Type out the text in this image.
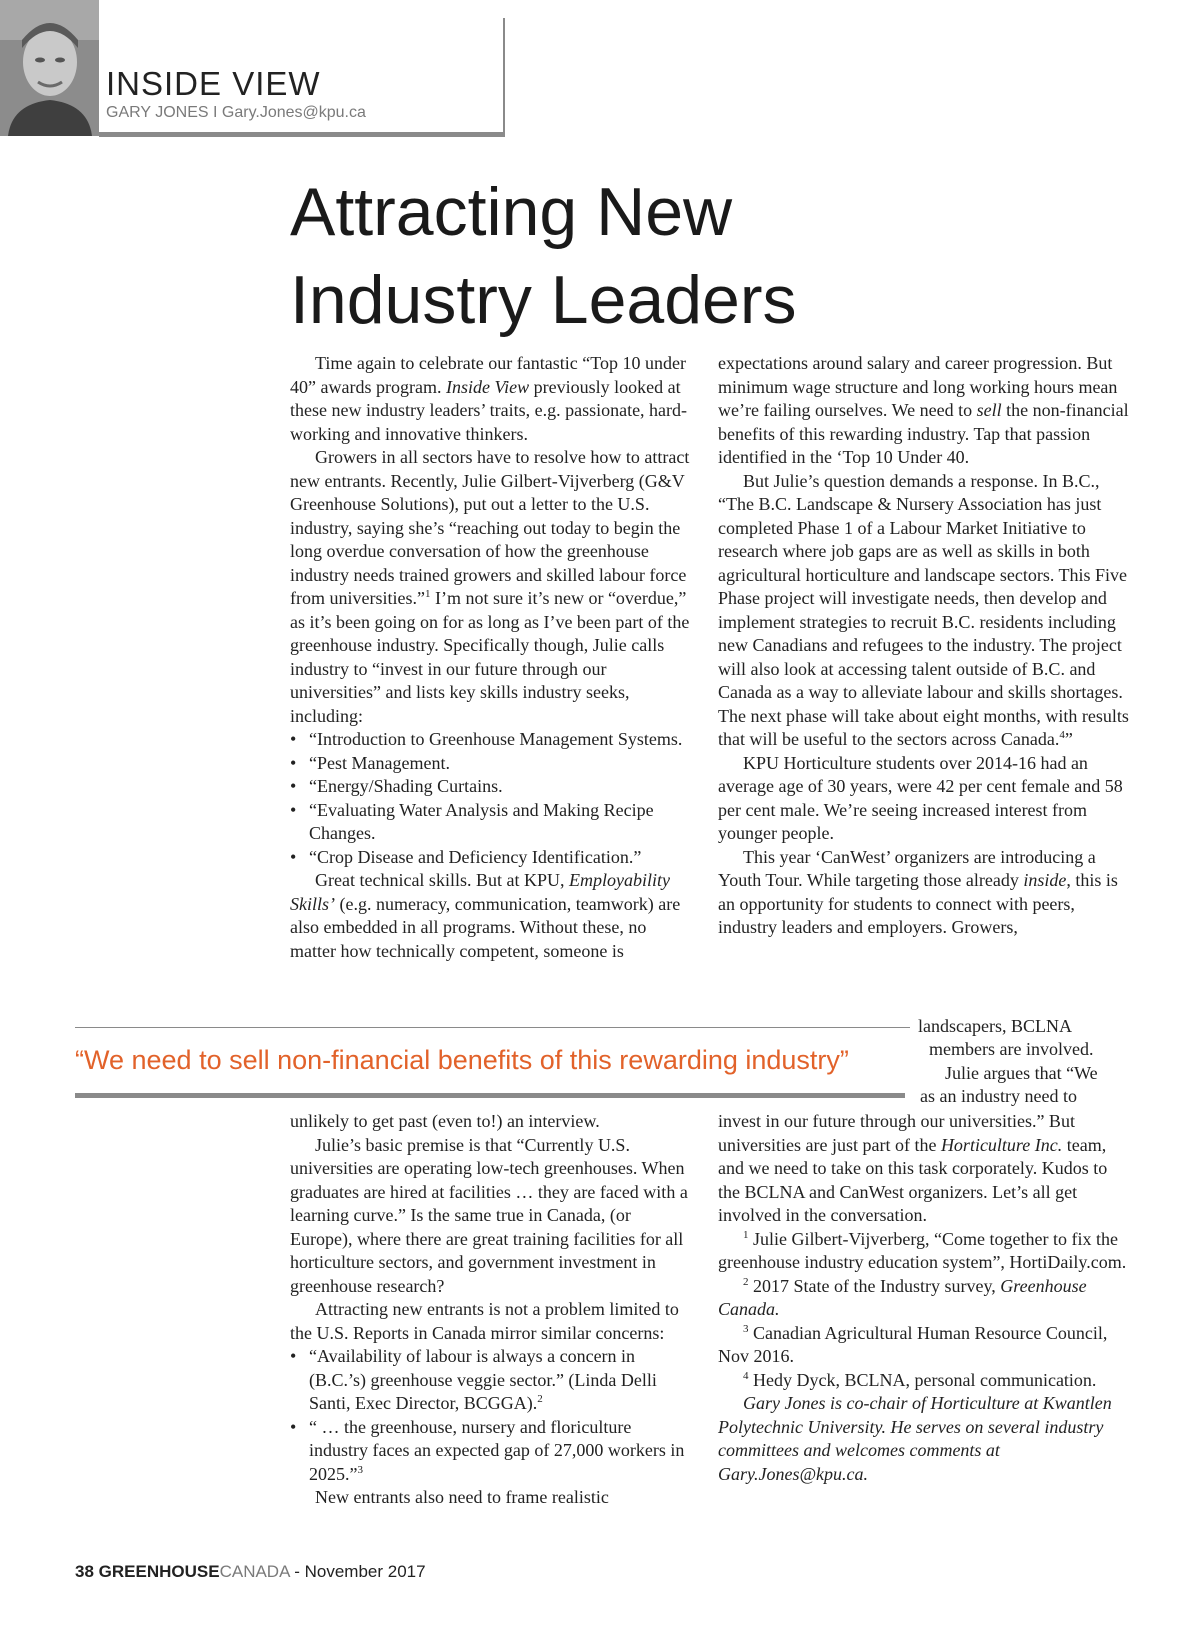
INSIDE VIEW
GARY JONES I Gary.Jones@kpu.ca
Attracting New
Industry Leaders

Time again to celebrate our fantastic “Top 10 under 40” awards program. Inside View previously looked at these new industry leaders’ traits, e.g. passionate, hard-working and innovative thinkers.

Growers in all sectors have to resolve how to attract new entrants. Recently, Julie Gilbert-Vijverberg (G&V Greenhouse Solutions), put out a letter to the U.S. industry, saying she’s “reaching out today to begin the long overdue conversation of how the greenhouse industry needs trained growers and skilled labour force from universities.”$^1$ I’m not sure it’s new or “overdue,” as it’s been going on for as long as I’ve been part of the greenhouse industry. Specifically though, Julie calls industry to “invest in our future through our universities” and lists key skills industry seeks, including:

• “Introduction to Greenhouse Management Systems.
• “Pest Management.
• “Energy/Shading Curtains.
• “Evaluating Water Analysis and Making Recipe Changes.
• “Crop Disease and Deficiency Identification.”

Great technical skills. But at KPU, Employability Skills’ (e.g. numeracy, communication, teamwork) are also embedded in all programs. Without these, no matter how technically competent, someone is

expectations around salary and career progression. But minimum wage structure and long working hours mean we’re failing ourselves. We need to sell the non-financial benefits of this rewarding industry. Tap that passion identified in the ‘Top 10 Under 40.

But Julie’s question demands a response. In B.C., “The B.C. Landscape & Nursery Association has just completed Phase 1 of a Labour Market Initiative to research where job gaps are as well as skills in both agricultural horticulture and landscape sectors. This Five Phase project will investigate needs, then develop and implement strategies to recruit B.C. residents including new Canadians and refugees to the industry. The project will also look at accessing talent outside of B.C. and Canada as a way to alleviate labour and skills shortages. The next phase will take about eight months, with results that will be useful to the sectors across Canada.$^4$”

KPU Horticulture students over 2014-16 had an average age of 30 years, were 42 per cent female and 58 per cent male. We’re seeing increased interest from younger people.

This year ‘CanWest’ organizers are introducing a Youth Tour. While targeting those already inside, this is an opportunity for students to connect with peers, industry leaders and employers. Growers,

landscapers, BCLNA
members are involved.
Julie argues that “We
as an industry need to

“We need to sell non-financial benefits of this rewarding industry”

unlikely to get past (even to!) an interview.

Julie’s basic premise is that “Currently U.S. universities are operating low-tech greenhouses. When graduates are hired at facilities … they are faced with a learning curve.” Is the same true in Canada, (or Europe), where there are great training facilities for all horticulture sectors, and government investment in greenhouse research?

Attracting new entrants is not a problem limited to the U.S. Reports in Canada mirror similar concerns:

• “Availability of labour is always a concern in (B.C.’s) greenhouse veggie sector.” (Linda Delli Santi, Exec Director, BCGGA).$^2$
• “ … the greenhouse, nursery and floriculture industry faces an expected gap of 27,000 workers in 2025.”$^3$

New entrants also need to frame realistic

invest in our future through our universities.” But universities are just part of the Horticulture Inc. team, and we need to take on this task corporately. Kudos to the BCLNA and CanWest organizers. Let’s all get involved in the conversation.

$^1$ Julie Gilbert-Vijverberg, “Come together to fix the greenhouse industry education system”, HortiDaily.com.

$^2$ 2017 State of the Industry survey, Greenhouse Canada.

$^3$ Canadian Agricultural Human Resource Council, Nov 2016.

$^4$ Hedy Dyck, BCLNA, personal communication.

Gary Jones is co-chair of Horticulture at Kwantlen Polytechnic University. He serves on several industry committees and welcomes comments at Gary.Jones@kpu.ca.

38 GREENHOUSECANADA - November 2017
